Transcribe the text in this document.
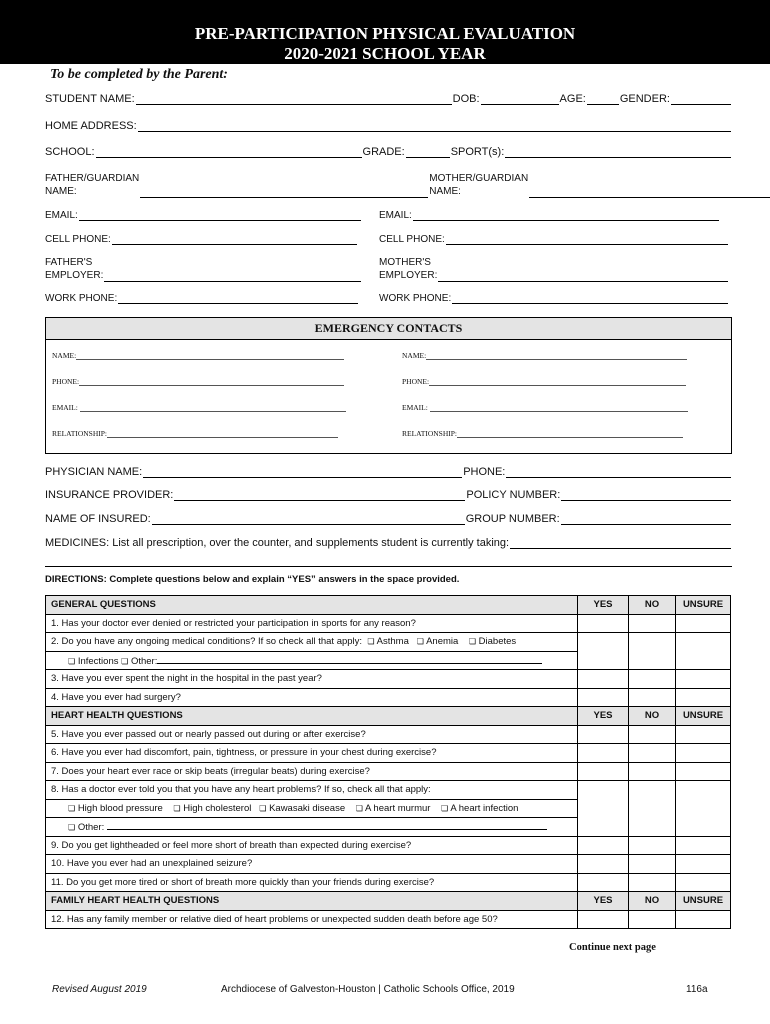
PRE-PARTICIPATION PHYSICAL EVALUATION
2020-2021 SCHOOL YEAR
To be completed by the Parent:
STUDENT NAME:	DOB:	AGE:	GENDER:
HOME ADDRESS:
SCHOOL:	GRADE:	SPORT(s):
FATHER/GUARDIAN
NAME:
MOTHER/GUARDIAN
NAME:
EMAIL:	EMAIL:
CELL PHONE:	CELL PHONE:
FATHER'S
EMPLOYER:
MOTHER'S
EMPLOYER:
WORK PHONE:	WORK PHONE:
EMERGENCY CONTACTS
NAME:	NAME:
PHONE:	PHONE:
EMAIL:	EMAIL:
RELATIONSHIP:	RELATIONSHIP:
PHYSICIAN NAME:	PHONE:
INSURANCE PROVIDER:	POLICY NUMBER:
NAME OF INSURED:	GROUP NUMBER:
MEDICINES: List all prescription, over the counter, and supplements student is currently taking:
DIRECTIONS: Complete questions below and explain “YES” answers in the space provided.
GENERAL QUESTIONS	YES	NO	UNSURE
1. Has your doctor ever denied or restricted your participation in sports for any reason?			
2. Do you have any ongoing medical conditions? If so check all that apply: ❏ Asthma ❏ Anemia ❏ Diabetes			
❏ Infections ❏ Other:			
3. Have you ever spent the night in the hospital in the past year?			
4. Have you ever had surgery?			
HEART HEALTH QUESTIONS	YES	NO	UNSURE
5. Have you ever passed out or nearly passed out during or after exercise?			
6. Have you ever had discomfort, pain, tightness, or pressure in your chest during exercise?			
7. Does your heart ever race or skip beats (irregular beats) during exercise?			
8. Has a doctor ever told you that you have any heart problems? If so, check all that apply:			
❏ High blood pressure ❏ High cholesterol ❏ Kawasaki disease ❏ A heart murmur ❏ A heart infection			
❏ Other:			
9. Do you get lightheaded or feel more short of breath than expected during exercise?			
10. Have you ever had an unexplained seizure?			
11. Do you get more tired or short of breath more quickly than your friends during exercise?			
FAMILY HEART HEALTH QUESTIONS	YES	NO	UNSURE
12. Has any family member or relative died of heart problems or unexpected sudden death before age 50?			
Continue next page
Revised August 2019	Archdiocese of Galveston-Houston | Catholic Schools Office, 2019	116a
